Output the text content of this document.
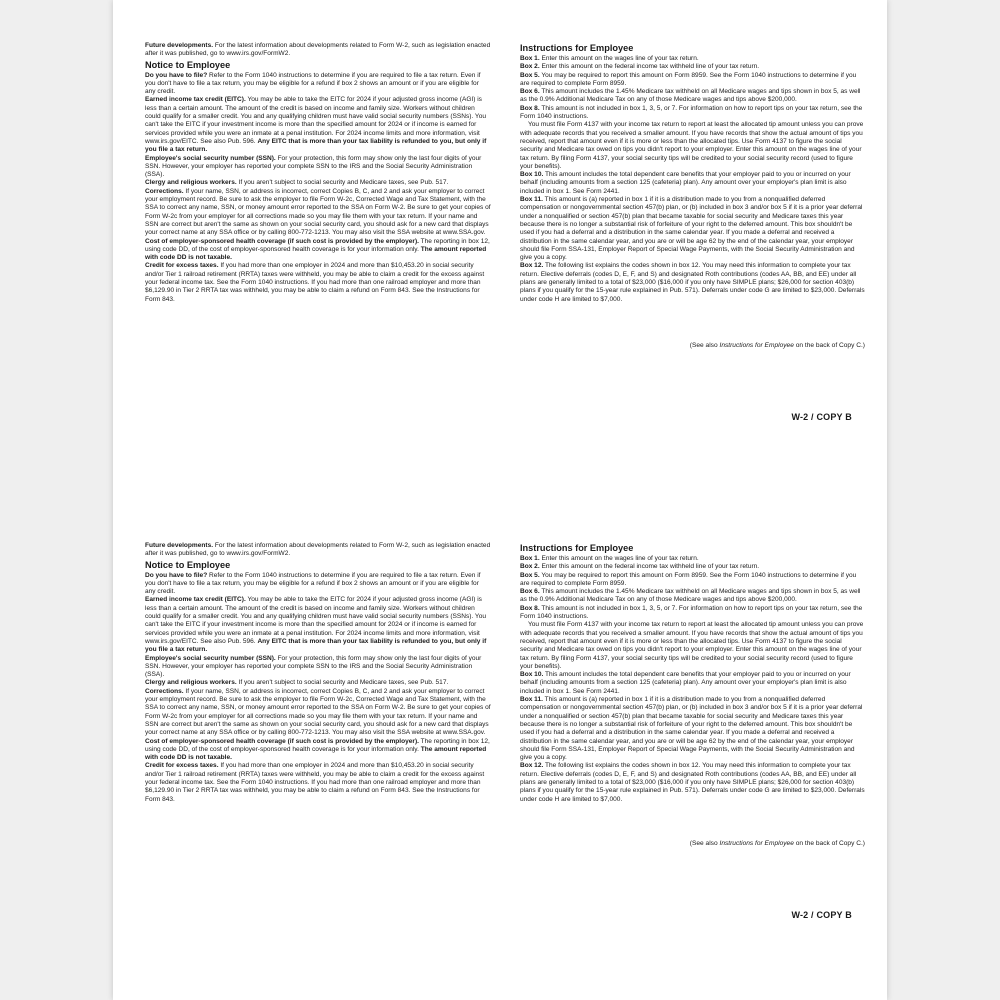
Future developments. For the latest information about developments related to Form W-2, such as legislation enacted after it was published, go to www.irs.gov/FormW2.

Notice to Employee

Do you have to file? Refer to the Form 1040 instructions to determine if you are required to file a tax return. Even if you don't have to file a tax return, you may be eligible for a refund if box 2 shows an amount or if you are eligible for any credit.

Earned income tax credit (EITC). You may be able to take the EITC for 2024 if your adjusted gross income (AGI) is less than a certain amount. The amount of the credit is based on income and family size. Workers without children could qualify for a smaller credit. You and any qualifying children must have valid social security numbers (SSNs). You can't take the EITC if your investment income is more than the specified amount for 2024 or if income is earned for services provided while you were an inmate at a penal institution. For 2024 income limits and more information, visit www.irs.gov/EITC. See also Pub. 596. Any EITC that is more than your tax liability is refunded to you, but only if you file a tax return.

Employee's social security number (SSN). For your protection, this form may show only the last four digits of your SSN. However, your employer has reported your complete SSN to the IRS and the Social Security Administration (SSA).

Clergy and religious workers. If you aren't subject to social security and Medicare taxes, see Pub. 517.

Corrections. If your name, SSN, or address is incorrect, correct Copies B, C, and 2 and ask your employer to correct your employment record. Be sure to ask the employer to file Form W-2c, Corrected Wage and Tax Statement, with the SSA to correct any name, SSN, or money amount error reported to the SSA on Form W-2. Be sure to get your copies of Form W-2c from your employer for all corrections made so you may file them with your tax return. If your name and SSN are correct but aren't the same as shown on your social security card, you should ask for a new card that displays your correct name at any SSA office or by calling 800-772-1213. You may also visit the SSA website at www.SSA.gov.

Cost of employer-sponsored health coverage (if such cost is provided by the employer). The reporting in box 12, using code DD, of the cost of employer-sponsored health coverage is for your information only. The amount reported with code DD is not taxable.

Credit for excess taxes. If you had more than one employer in 2024 and more than $10,453.20 in social security and/or Tier 1 railroad retirement (RRTA) taxes were withheld, you may be able to claim a credit for the excess against your federal income tax. See the Form 1040 instructions. If you had more than one railroad employer and more than $6,129.90 in Tier 2 RRTA tax was withheld, you may be able to claim a refund on Form 843. See the Instructions for Form 843.

Instructions for Employee

Box 1. Enter this amount on the wages line of your tax return.

Box 2. Enter this amount on the federal income tax withheld line of your tax return.

Box 5. You may be required to report this amount on Form 8959. See the Form 1040 instructions to determine if you are required to complete Form 8959.

Box 6. This amount includes the 1.45% Medicare tax withheld on all Medicare wages and tips shown in box 5, as well as the 0.9% Additional Medicare Tax on any of those Medicare wages and tips above $200,000.

Box 8. This amount is not included in box 1, 3, 5, or 7. For information on how to report tips on your tax return, see the Form 1040 instructions.

You must file Form 4137 with your income tax return to report at least the allocated tip amount unless you can prove with adequate records that you received a smaller amount. If you have records that show the actual amount of tips you received, report that amount even if it is more or less than the allocated tips. Use Form 4137 to figure the social security and Medicare tax owed on tips you didn't report to your employer. Enter this amount on the wages line of your tax return. By filing Form 4137, your social security tips will be credited to your social security record (used to figure your benefits).

Box 10. This amount includes the total dependent care benefits that your employer paid to you or incurred on your behalf (including amounts from a section 125 (cafeteria) plan). Any amount over your employer's plan limit is also included in box 1. See Form 2441.

Box 11. This amount is (a) reported in box 1 if it is a distribution made to you from a nonqualified deferred compensation or nongovernmental section 457(b) plan, or (b) included in box 3 and/or box 5 if it is a prior year deferral under a nonqualified or section 457(b) plan that became taxable for social security and Medicare taxes this year because there is no longer a substantial risk of forfeiture of your right to the deferred amount. This box shouldn't be used if you had a deferral and a distribution in the same calendar year. If you made a deferral and received a distribution in the same calendar year, and you are or will be age 62 by the end of the calendar year, your employer should file Form SSA-131, Employer Report of Special Wage Payments, with the Social Security Administration and give you a copy.

Box 12. The following list explains the codes shown in box 12. You may need this information to complete your tax return. Elective deferrals (codes D, E, F, and S) and designated Roth contributions (codes AA, BB, and EE) under all plans are generally limited to a total of $23,000 ($16,000 if you only have SIMPLE plans; $26,000 for section 403(b) plans if you qualify for the 15-year rule explained in Pub. 571). Deferrals under code G are limited to $23,000. Deferrals under code H are limited to $7,000.

(See also Instructions for Employee on the back of Copy C.)
W-2 / COPY B

Future developments. For the latest information about developments related to Form W-2, such as legislation enacted after it was published, go to www.irs.gov/FormW2.

Notice to Employee

Do you have to file? Refer to the Form 1040 instructions to determine if you are required to file a tax return. Even if you don't have to file a tax return, you may be eligible for a refund if box 2 shows an amount or if you are eligible for any credit.

Earned income tax credit (EITC). You may be able to take the EITC for 2024 if your adjusted gross income (AGI) is less than a certain amount. The amount of the credit is based on income and family size. Workers without children could qualify for a smaller credit. You and any qualifying children must have valid social security numbers (SSNs). You can't take the EITC if your investment income is more than the specified amount for 2024 or if income is earned for services provided while you were an inmate at a penal institution. For 2024 income limits and more information, visit www.irs.gov/EITC. See also Pub. 596. Any EITC that is more than your tax liability is refunded to you, but only if you file a tax return.

Employee's social security number (SSN). For your protection, this form may show only the last four digits of your SSN. However, your employer has reported your complete SSN to the IRS and the Social Security Administration (SSA).

Clergy and religious workers. If you aren't subject to social security and Medicare taxes, see Pub. 517.

Corrections. If your name, SSN, or address is incorrect, correct Copies B, C, and 2 and ask your employer to correct your employment record. Be sure to ask the employer to file Form W-2c, Corrected Wage and Tax Statement, with the SSA to correct any name, SSN, or money amount error reported to the SSA on Form W-2. Be sure to get your copies of Form W-2c from your employer for all corrections made so you may file them with your tax return. If your name and SSN are correct but aren't the same as shown on your social security card, you should ask for a new card that displays your correct name at any SSA office or by calling 800-772-1213. You may also visit the SSA website at www.SSA.gov.

Cost of employer-sponsored health coverage (if such cost is provided by the employer). The reporting in box 12, using code DD, of the cost of employer-sponsored health coverage is for your information only. The amount reported with code DD is not taxable.

Credit for excess taxes. If you had more than one employer in 2024 and more than $10,453.20 in social security and/or Tier 1 railroad retirement (RRTA) taxes were withheld, you may be able to claim a credit for the excess against your federal income tax. See the Form 1040 instructions. If you had more than one railroad employer and more than $6,129.90 in Tier 2 RRTA tax was withheld, you may be able to claim a refund on Form 843. See the Instructions for Form 843.

Instructions for Employee

Box 1. Enter this amount on the wages line of your tax return.

Box 2. Enter this amount on the federal income tax withheld line of your tax return.

Box 5. You may be required to report this amount on Form 8959. See the Form 1040 instructions to determine if you are required to complete Form 8959.

Box 6. This amount includes the 1.45% Medicare tax withheld on all Medicare wages and tips shown in box 5, as well as the 0.9% Additional Medicare Tax on any of those Medicare wages and tips above $200,000.

Box 8. This amount is not included in box 1, 3, 5, or 7. For information on how to report tips on your tax return, see the Form 1040 instructions.

You must file Form 4137 with your income tax return to report at least the allocated tip amount unless you can prove with adequate records that you received a smaller amount. If you have records that show the actual amount of tips you received, report that amount even if it is more or less than the allocated tips. Use Form 4137 to figure the social security and Medicare tax owed on tips you didn't report to your employer. Enter this amount on the wages line of your tax return. By filing Form 4137, your social security tips will be credited to your social security record (used to figure your benefits).

Box 10. This amount includes the total dependent care benefits that your employer paid to you or incurred on your behalf (including amounts from a section 125 (cafeteria) plan). Any amount over your employer's plan limit is also included in box 1. See Form 2441.

Box 11. This amount is (a) reported in box 1 if it is a distribution made to you from a nonqualified deferred compensation or nongovernmental section 457(b) plan, or (b) included in box 3 and/or box 5 if it is a prior year deferral under a nonqualified or section 457(b) plan that became taxable for social security and Medicare taxes this year because there is no longer a substantial risk of forfeiture of your right to the deferred amount. This box shouldn't be used if you had a deferral and a distribution in the same calendar year. If you made a deferral and received a distribution in the same calendar year, and you are or will be age 62 by the end of the calendar year, your employer should file Form SSA-131, Employer Report of Special Wage Payments, with the Social Security Administration and give you a copy.

Box 12. The following list explains the codes shown in box 12. You may need this information to complete your tax return. Elective deferrals (codes D, E, F, and S) and designated Roth contributions (codes AA, BB, and EE) under all plans are generally limited to a total of $23,000 ($16,000 if you only have SIMPLE plans; $26,000 for section 403(b) plans if you qualify for the 15-year rule explained in Pub. 571). Deferrals under code G are limited to $23,000. Deferrals under code H are limited to $7,000.

(See also Instructions for Employee on the back of Copy C.)
W-2 / COPY B
